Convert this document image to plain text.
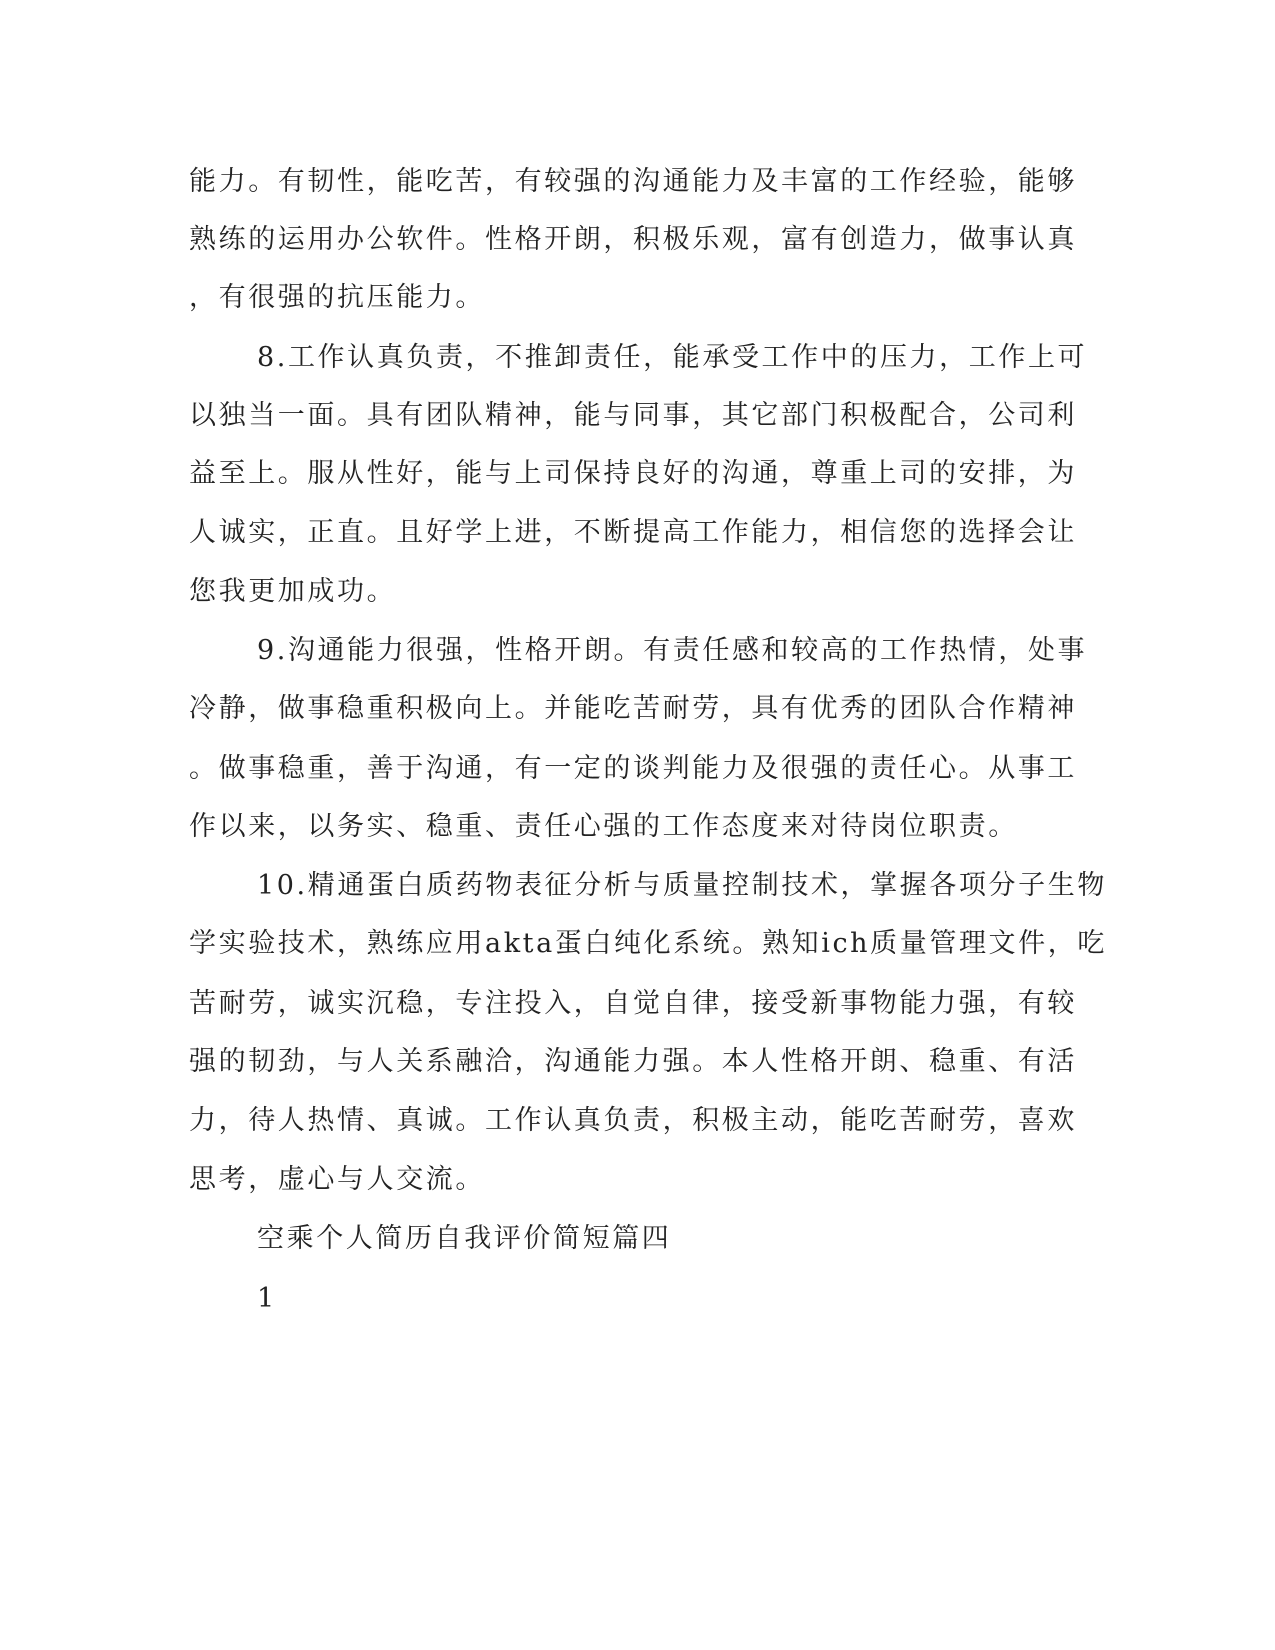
能力。有韧性，能吃苦，有较强的沟通能力及丰富的工作经验，能够
熟练的运用办公软件。性格开朗，积极乐观，富有创造力，做事认真
，有很强的抗压能力。
8.工作认真负责，不推卸责任，能承受工作中的压力，工作上可
以独当一面。具有团队精神，能与同事，其它部门积极配合，公司利
益至上。服从性好，能与上司保持良好的沟通，尊重上司的安排，为
人诚实，正直。且好学上进，不断提高工作能力，相信您的选择会让
您我更加成功。
9.沟通能力很强，性格开朗。有责任感和较高的工作热情，处事
冷静，做事稳重积极向上。并能吃苦耐劳，具有优秀的团队合作精神
。做事稳重，善于沟通，有一定的谈判能力及很强的责任心。从事工
作以来，以务实、稳重、责任心强的工作态度来对待岗位职责。
10.精通蛋白质药物表征分析与质量控制技术，掌握各项分子生物
学实验技术，熟练应用akta蛋白纯化系统。熟知ich质量管理文件，吃
苦耐劳，诚实沉稳，专注投入，自觉自律，接受新事物能力强，有较
强的韧劲，与人关系融洽，沟通能力强。本人性格开朗、稳重、有活
力，待人热情、真诚。工作认真负责，积极主动，能吃苦耐劳，喜欢
思考，虚心与人交流。
空乘个人简历自我评价简短篇四
1
